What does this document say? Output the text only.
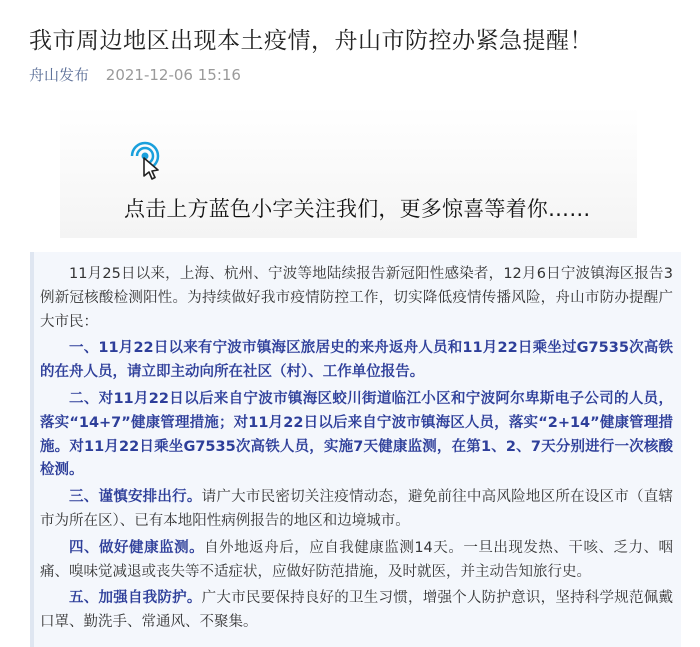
我市周边地区出现本土疫情，舟山市防控办紧急提醒！
舟山发布 2021-12-06 15:16
点击上方蓝色小字关注我们，更多惊喜等着你……

11月25日以来，上海、杭州、宁波等地陆续报告新冠阳性感染者，12月6日宁波镇海区报告3例新冠核酸检测阳性。为持续做好我市疫情防控工作，切实降低疫情传播风险，舟山市防办提醒广大市民：

一、11月22日以来有宁波市镇海区旅居史的来舟返舟人员和11月22日乘坐过G7535次高铁的在舟人员，请立即主动向所在社区（村）、工作单位报告。

二、对11月22日以后来自宁波市镇海区蛟川街道临江小区和宁波阿尔卑斯电子公司的人员，落实“14+7”健康管理措施；对11月22日以后来自宁波市镇海区人员，落实“2+14”健康管理措施。对11月22日乘坐G7535次高铁人员，实施7天健康监测，在第1、2、7天分别进行一次核酸检测。

三、谨慎安排出行。请广大市民密切关注疫情动态，避免前往中高风险地区所在设区市（直辖市为所在区）、已有本地阳性病例报告的地区和边境城市。

四、做好健康监测。自外地返舟后，应自我健康监测14天。一旦出现发热、干咳、乏力、咽痛、嗅味觉减退或丧失等不适症状，应做好防范措施，及时就医，并主动告知旅行史。

五、加强自我防护。广大市民要保持良好的卫生习惯，增强个人防护意识，坚持科学规范佩戴口罩、勤洗手、常通风、不聚集。
